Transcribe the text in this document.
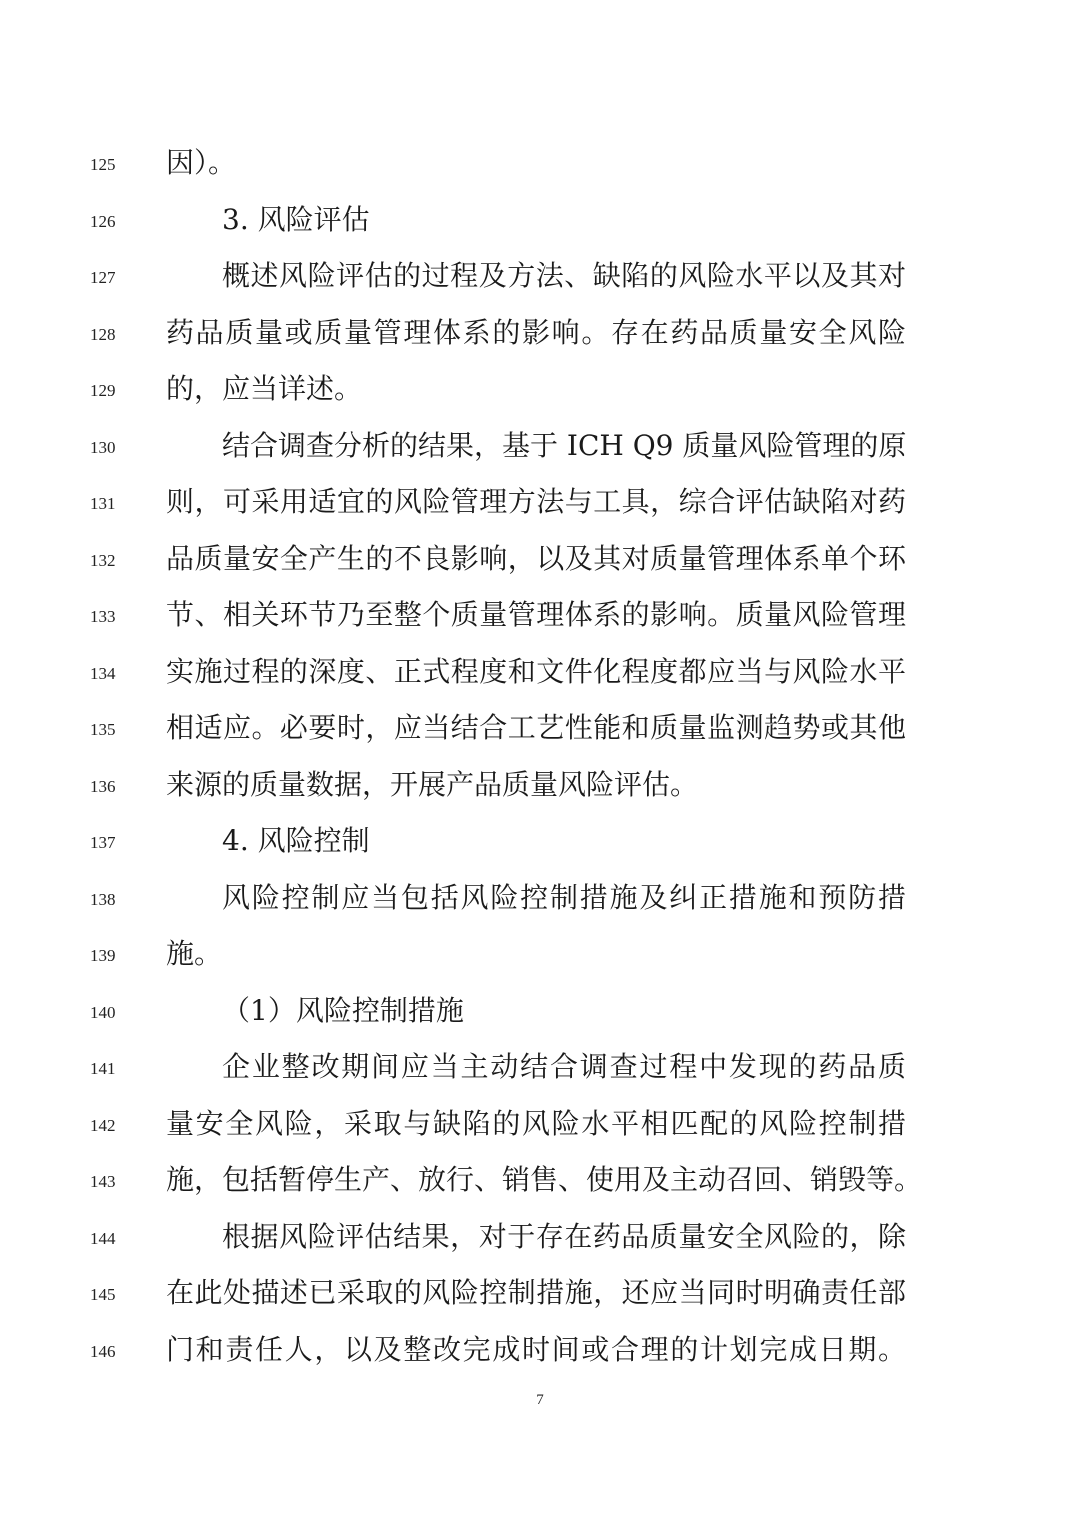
125	因）。
126	3. 风险评估
127	概述风险评估的过程及方法、缺陷的风险水平以及其对
128	药品质量或质量管理体系的影响。存在药品质量安全风险
129	的，应当详述。
130	结合调查分析的结果，基于 ICH Q9 质量风险管理的原
131	则，可采用适宜的风险管理方法与工具，综合评估缺陷对药
132	品质量安全产生的不良影响，以及其对质量管理体系单个环
133	节、相关环节乃至整个质量管理体系的影响。质量风险管理
134	实施过程的深度、正式程度和文件化程度都应当与风险水平
135	相适应。必要时，应当结合工艺性能和质量监测趋势或其他
136	来源的质量数据，开展产品质量风险评估。
137	4. 风险控制
138	风险控制应当包括风险控制措施及纠正措施和预防措
139	施。
140	（1）风险控制措施
141	企业整改期间应当主动结合调查过程中发现的药品质
142	量安全风险，采取与缺陷的风险水平相匹配的风险控制措
143	施，包括暂停生产、放行、销售、使用及主动召回、销毁等。
144	根据风险评估结果，对于存在药品质量安全风险的，除
145	在此处描述已采取的风险控制措施，还应当同时明确责任部
146	门和责任人，以及整改完成时间或合理的计划完成日期。
7
